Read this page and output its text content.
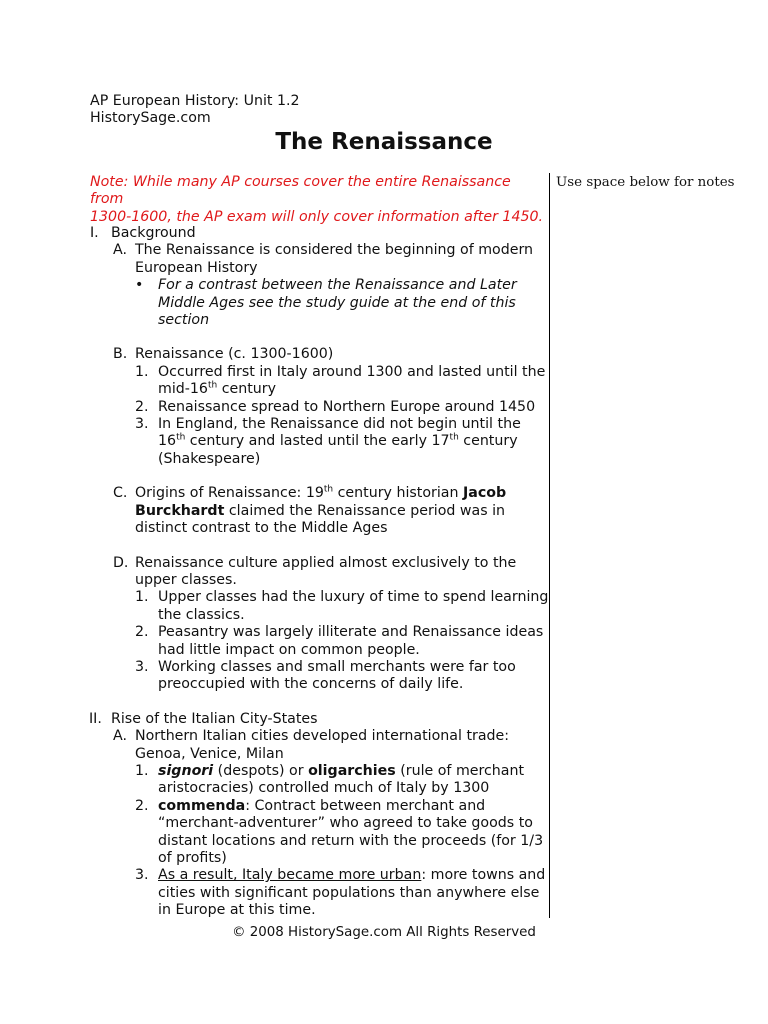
AP European History: Unit 1.2
HistorySage.com
The Renaissance
Use space below for notes
Note: While many AP courses cover the entire Renaissance from
1300-1600, the AP exam will only cover information after 1450.
I. Background
A. The Renaissance is considered the beginning of modern
European History
• For a contrast between the Renaissance and Later
Middle Ages see the study guide at the end of this
section
B. Renaissance (c. 1300-1600)
1. Occurred first in Italy around 1300 and lasted until the
mid-16th century
2. Renaissance spread to Northern Europe around 1450
3. In England, the Renaissance did not begin until the
16th century and lasted until the early 17th century
(Shakespeare)
C. Origins of Renaissance: 19th century historian Jacob
Burckhardt claimed the Renaissance period was in
distinct contrast to the Middle Ages
D. Renaissance culture applied almost exclusively to the
upper classes.
1. Upper classes had the luxury of time to spend learning
the classics.
2. Peasantry was largely illiterate and Renaissance ideas
had little impact on common people.
3. Working classes and small merchants were far too
preoccupied with the concerns of daily life.
II. Rise of the Italian City-States
A. Northern Italian cities developed international trade:
Genoa, Venice, Milan
1. signori (despots) or oligarchies (rule of merchant
aristocracies) controlled much of Italy by 1300
2. commenda: Contract between merchant and
“merchant-adventurer” who agreed to take goods to
distant locations and return with the proceeds (for 1/3
of profits)
3. As a result, Italy became more urban: more towns and
cities with significant populations than anywhere else
in Europe at this time.
© 2008 HistorySage.com All Rights Reserved
